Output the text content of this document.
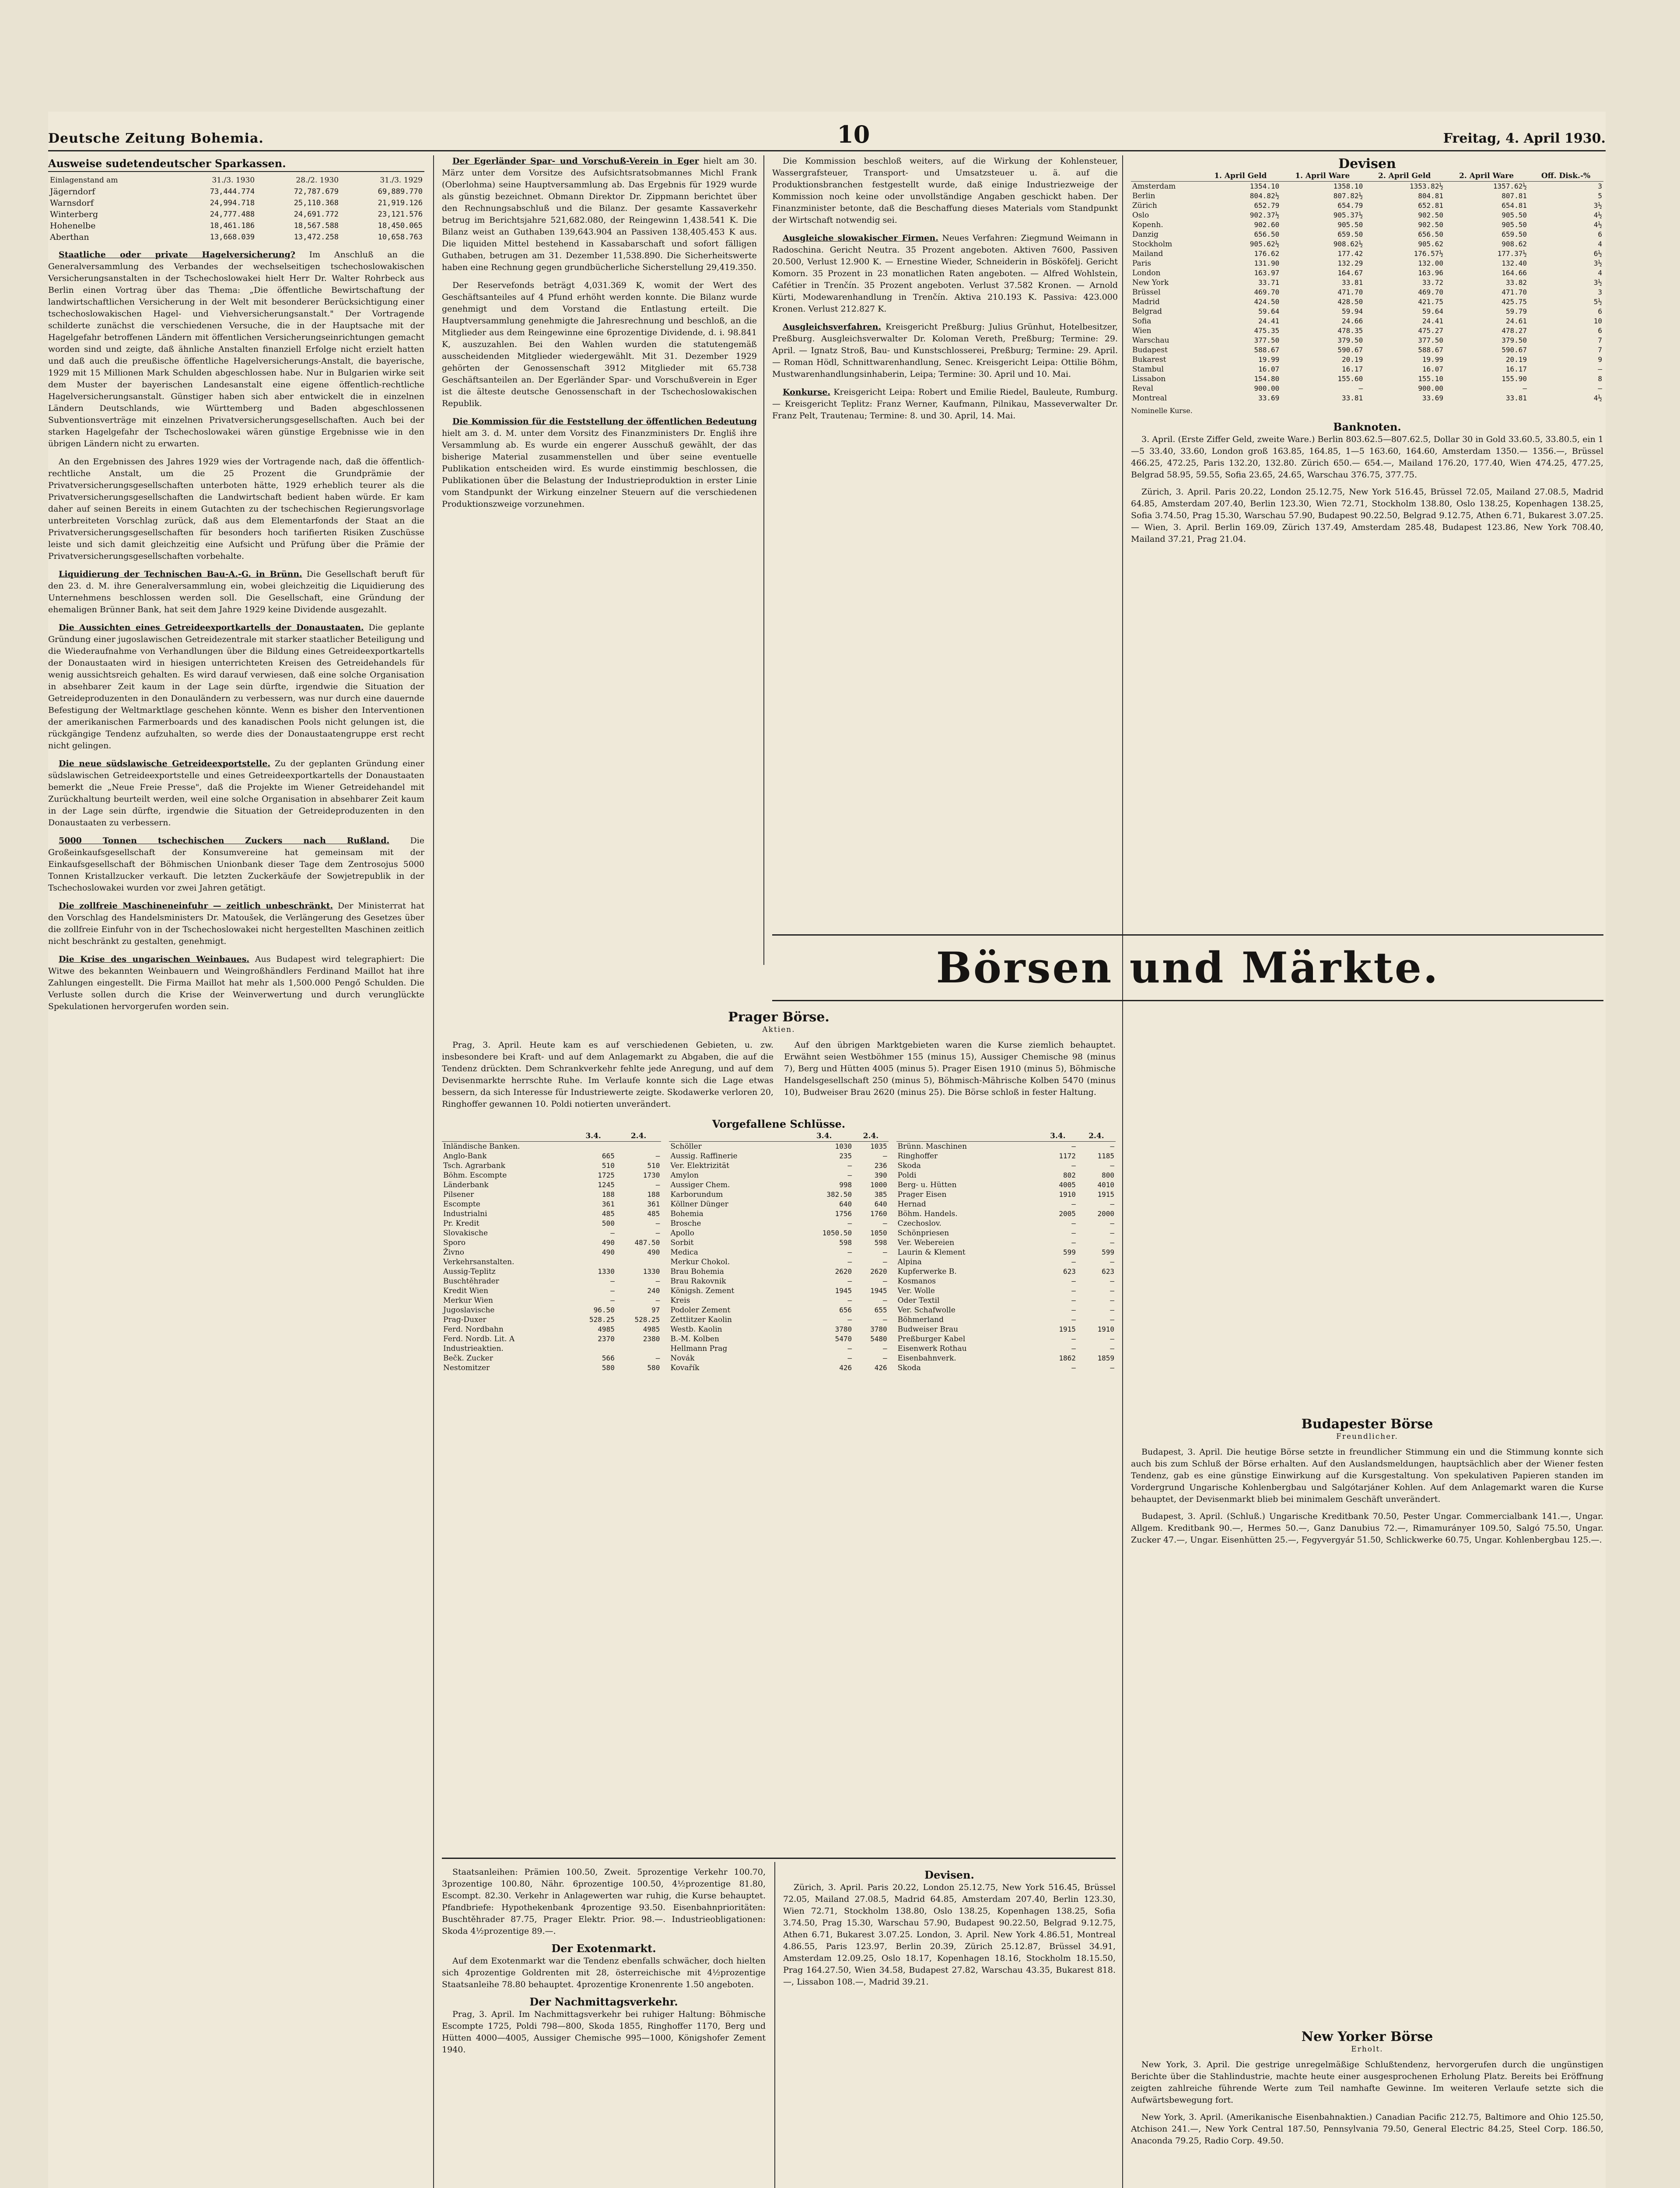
Deutsche Zeitung Bohemia.	10	Freitag, 4. April 1930.
Ausweise sudetendeutscher Sparkassen.
Einlagenstand am	31./3. 1930	28./2. 1930	31./3. 1929
Jägerndorf	73,444.774	72,787.679	69,889.770
Warnsdorf	24,994.718	25,110.368	21,919.126
Winterberg	24,777.488	24,691.772	23,121.576
Hohenelbe	18,461.186	18,567.588	18,450.065
Aberthan	13,668.039	13,472.258	10,658.763

Staatliche oder private Hagelversicherung? Im Anschluß an die Generalversammlung des Verbandes der wechselseitigen tschechoslowakischen Versicherungsanstalten in der Tschechoslowakei hielt Herr Dr. Walter Rohrbeck aus Berlin einen Vortrag über das Thema: „Die öffentliche Bewirtschaftung der landwirtschaftlichen Versicherung in der Welt mit besonderer Berücksichtigung einer tschechoslowakischen Hagel- und Viehversicherungsanstalt." Der Vortragende schilderte zunächst die verschiedenen Versuche, die in der Hauptsache mit der Hagelgefahr betroffenen Ländern mit öffentlichen Versicherungseinrichtungen gemacht worden sind und zeigte, daß ähnliche Anstalten finanziell Erfolge nicht erzielt hatten und daß auch die preußische öffentliche Hagelversicherungs-Anstalt, die bayerische, 1929 mit 15 Millionen Mark Schulden abgeschlossen habe. Nur in Bulgarien wirke seit dem Muster der bayerischen Landesanstalt eine eigene öffentlich-rechtliche Hagelversicherungsanstalt. Günstiger haben sich aber entwickelt die in einzelnen Ländern Deutschlands, wie Württemberg und Baden abgeschlossenen Subventionsverträge mit einzelnen Privatversicherungsgesellschaften. Auch bei der starken Hagelgefahr der Tschechoslowakei wären günstige Ergebnisse wie in den übrigen Ländern nicht zu erwarten.

An den Ergebnissen des Jahres 1929 wies der Vortragende nach, daß die öffentlich-rechtliche Anstalt, um die 25 Prozent die Grundprämie der Privatversicherungsgesellschaften unterboten hätte, 1929 erheblich teurer als die Privatversicherungsgesellschaften die Landwirtschaft bedient haben würde. Er kam daher auf seinen Bereits in einem Gutachten zu der tschechischen Regierungsvorlage unterbreiteten Vorschlag zurück, daß aus dem Elementarfonds der Staat an die Privatversicherungsgesellschaften für besonders hoch tarifierten Risiken Zuschüsse leiste und sich damit gleichzeitig eine Aufsicht und Prüfung über die Prämie der Privatversicherungsgesellschaften vorbehalte.

Liquidierung der Technischen Bau-A.-G. in Brünn. Die Gesellschaft beruft für den 23. d. M. ihre Generalversammlung ein, wobei gleichzeitig die Liquidierung des Unternehmens beschlossen werden soll. Die Gesellschaft, eine Gründung der ehemaligen Brünner Bank, hat seit dem Jahre 1929 keine Dividende ausgezahlt.

Die Aussichten eines Getreideexportkartells der Donaustaaten. Die geplante Gründung einer jugoslawischen Getreidezentrale mit starker staatlicher Beteiligung und die Wiederaufnahme von Verhandlungen über die Bildung eines Getreideexportkartells der Donaustaaten wird in hiesigen unterrichteten Kreisen des Getreidehandels für wenig aussichtsreich gehalten. Es wird darauf verwiesen, daß eine solche Organisation in absehbarer Zeit kaum in der Lage sein dürfte, irgendwie die Situation der Getreideproduzenten in den Donauländern zu verbessern, was nur durch eine dauernde Befestigung der Weltmarktlage geschehen könnte. Wenn es bisher den Interventionen der amerikanischen Farmerboards und des kanadischen Pools nicht gelungen ist, die rückgängige Tendenz aufzuhalten, so werde dies der Donaustaatengruppe erst recht nicht gelingen.

Die neue südslawische Getreideexportstelle. Zu der geplanten Gründung einer südslawischen Getreideexportstelle und eines Getreideexportkartells der Donaustaaten bemerkt die „Neue Freie Presse", daß die Projekte im Wiener Getreidehandel mit Zurückhaltung beurteilt werden, weil eine solche Organisation in absehbarer Zeit kaum in der Lage sein dürfte, irgendwie die Situation der Getreideproduzenten in den Donaustaaten zu verbessern.

5000 Tonnen tschechischen Zuckers nach Rußland. Die Großeinkaufsgesellschaft der Konsumvereine hat gemeinsam mit der Einkaufsgesellschaft der Böhmischen Unionbank dieser Tage dem Zentrosojus 5000 Tonnen Kristallzucker verkauft. Die letzten Zuckerkäufe der Sowjetrepublik in der Tschechoslowakei wurden vor zwei Jahren getätigt.

Die zollfreie Maschineneinfuhr — zeitlich unbeschränkt. Der Ministerrat hat den Vorschlag des Handelsministers Dr. Matoušek, die Verlängerung des Gesetzes über die zollfreie Einfuhr von in der Tschechoslowakei nicht hergestellten Maschinen zeitlich nicht beschränkt zu gestalten, genehmigt.

Die Krise des ungarischen Weinbaues. Aus Budapest wird telegraphiert: Die Witwe des bekannten Weinbauern und Weingroßhändlers Ferdinand Maillot hat ihre Zahlungen eingestellt. Die Firma Maillot hat mehr als 1,500.000 Pengő Schulden. Die Verluste sollen durch die Krise der Weinverwertung und durch verunglückte Spekulationen hervorgerufen worden sein.

Der Egerländer Spar- und Vorschuß-Verein in Eger hielt am 30. März unter dem Vorsitze des Aufsichtsratsobmannes Michl Frank (Oberlohma) seine Hauptversammlung ab. Das Ergebnis für 1929 wurde als günstig bezeichnet. Obmann Direktor Dr. Zippmann berichtet über den Rechnungsabschluß und die Bilanz. Der gesamte Kassaverkehr betrug im Berichtsjahre 521,682.080, der Reingewinn 1,438.541 K. Die Bilanz weist an Guthaben 139,643.904 an Passiven 138,405.453 K aus. Die liquiden Mittel bestehend in Kassabarschaft und sofort fälligen Guthaben, betrugen am 31. Dezember 11,538.890. Die Sicherheitswerte haben eine Rechnung gegen grundbücherliche Sicherstellung 29,419.350.

Der Reservefonds beträgt 4,031.369 K, womit der Wert des Geschäftsanteiles auf 4 Pfund erhöht werden konnte. Die Bilanz wurde genehmigt und dem Vorstand die Entlastung erteilt. Die Hauptversammlung genehmigte die Jahresrechnung und beschloß, an die Mitglieder aus dem Reingewinne eine 6prozentige Dividende, d. i. 98.841 K, auszuzahlen. Bei den Wahlen wurden die statutengemäß ausscheidenden Mitglieder wiedergewählt. Mit 31. Dezember 1929 gehörten der Genossenschaft 3912 Mitglieder mit 65.738 Geschäftsanteilen an. Der Egerländer Spar- und Vorschußverein in Eger ist die älteste deutsche Genossenschaft in der Tschechoslowakischen Republik.

Die Kommission für die Feststellung der öffentlichen Bedeutung hielt am 3. d. M. unter dem Vorsitz des Finanzministers Dr. Engliš ihre Versammlung ab. Es wurde ein engerer Ausschuß gewählt, der das bisherige Material zusammenstellen und über seine eventuelle Publikation entscheiden wird. Es wurde einstimmig beschlossen, die Publikationen über die Belastung der Industrieproduktion in erster Linie vom Standpunkt der Wirkung einzelner Steuern auf die verschiedenen Produktionszweige vorzunehmen.

Die Kommission beschloß weiters, auf die Wirkung der Kohlensteuer, Wassergrafsteuer, Transport- und Umsatzsteuer u. ä. auf die Produktionsbranchen festgestellt wurde, daß einige Industriezweige der Kommission noch keine oder unvollständige Angaben geschickt haben. Der Finanzminister betonte, daß die Beschaffung dieses Materials vom Standpunkt der Wirtschaft notwendig sei.

Ausgleiche slowakischer Firmen. Neues Verfahren: Ziegmund Weimann in Radoschina. Gericht Neutra. 35 Prozent angeboten. Aktiven 7600, Passiven 20.500, Verlust 12.900 K. — Ernestine Wieder, Schneiderin in Bösköfelj. Gericht Komorn. 35 Prozent in 23 monatlichen Raten angeboten. — Alfred Wohlstein, Cafétier in Trenčín. 35 Prozent angeboten. Verlust 37.582 Kronen. — Arnold Kürti, Modewarenhandlung in Trenčín. Aktiva 210.193 K. Passiva: 423.000 Kronen. Verlust 212.827 K.

Ausgleichsverfahren. Kreisgericht Preßburg: Julius Grünhut, Hotelbesitzer, Preßburg. Ausgleichsverwalter Dr. Koloman Vereth, Preßburg; Termine: 29. April. — Ignatz Stroß, Bau- und Kunstschlosserei, Preßburg; Termine: 29. April. — Roman Hödl, Schnittwarenhandlung, Senec. Kreisgericht Leipa: Ottilie Böhm, Mustwarenhandlungsinhaberin, Leipa; Termine: 30. April und 10. Mai.

Konkurse. Kreisgericht Leipa: Robert und Emilie Riedel, Bauleute, Rumburg. — Kreisgericht Teplitz: Franz Werner, Kaufmann, Pilnikau, Masseverwalter Dr. Franz Pelt, Trautenau; Termine: 8. und 30. April, 14. Mai.

Devisen
	1. April Geld	1. April Ware	2. April Geld	2. April Ware	Off. Disk.-%
Amsterdam	1354.10	1358.10	1353.82½	1357.62½	3
Berlin	804.82½	807.82½	804.81	807.81	5
Zürich	652.79	654.79	652.81	654.81	3½
Oslo	902.37½	905.37½	902.50	905.50	4½
Kopenh.	902.60	905.50	902.50	905.50	4½
Danzig	656.50	659.50	656.50	659.50	6
Stockholm	905.62½	908.62½	905.62	908.62	4
Mailand	176.62	177.42	176.57½	177.37½	6½
Paris	131.90	132.29	132.00	132.40	3½
London	163.97	164.67	163.96	164.66	4
New York	33.71	33.81	33.72	33.82	3½
Brüssel	469.70	471.70	469.70	471.70	3
Madrid	424.50	428.50	421.75	425.75	5½
Belgrad	59.64	59.94	59.64	59.79	6
Sofia	24.41	24.66	24.41	24.61	10
Wien	475.35	478.35	475.27	478.27	6
Warschau	377.50	379.50	377.50	379.50	7
Budapest	588.67	590.67	588.67	590.67	7
Bukarest	19.99	20.19	19.99	20.19	9
Stambul	16.07	16.17	16.07	16.17	—
Lissabon	154.80	155.60	155.10	155.90	8
Reval	900.00	—	900.00	—	—
Montreal	33.69	33.81	33.69	33.81	4½
Nominelle Kurse.
Banknoten.

3. April. (Erste Ziffer Geld, zweite Ware.) Berlin 803.62.5—807.62.5, Dollar 30 in Gold 33.60.5, 33.80.5, ein 1—5 33.40, 33.60, London groß 163.85, 164.85, 1—5 163.60, 164.60, Amsterdam 1350.— 1356.—, Brüssel 466.25, 472.25, Paris 132.20, 132.80. Zürich 650.— 654.—, Mailand 176.20, 177.40, Wien 474.25, 477.25, Belgrad 58.95, 59.55, Sofia 23.65, 24.65, Warschau 376.75, 377.75.

Zürich, 3. April. Paris 20.22, London 25.12.75, New York 516.45, Brüssel 72.05, Mailand 27.08.5, Madrid 64.85, Amsterdam 207.40, Berlin 123.30, Wien 72.71, Stockholm 138.80, Oslo 138.25, Kopenhagen 138.25, Sofia 3.74.50, Prag 15.30, Warschau 57.90, Budapest 90.22.50, Belgrad 9.12.75, Athen 6.71, Bukarest 3.07.25. — Wien, 3. April. Berlin 169.09, Zürich 137.49, Amsterdam 285.48, Budapest 123.86, New York 708.40, Mailand 37.21, Prag 21.04.

Börsen und Märkte.
Prager Börse.
Aktien.

Prag, 3. April. Heute kam es auf verschiedenen Gebieten, u. zw. insbesondere bei Kraft- und auf dem Anlagemarkt zu Abgaben, die auf die Tendenz drückten. Dem Schrankverkehr fehlte jede Anregung, und auf dem Devisenmarkte herrschte Ruhe. Im Verlaufe konnte sich die Lage etwas bessern, da sich Interesse für Industriewerte zeigte. Skodawerke verloren 20, Ringhoffer gewannen 10. Poldi notierten unverändert.

Auf den übrigen Marktgebieten waren die Kurse ziemlich behauptet. Erwähnt seien Westböhmer 155 (minus 15), Aussiger Chemische 98 (minus 7), Berg und Hütten 4005 (minus 5). Prager Eisen 1910 (minus 5), Böhmische Handelsgesellschaft 250 (minus 5), Böhmisch-Mährische Kolben 5470 (minus 10), Budweiser Brau 2620 (minus 25). Die Börse schloß in fester Haltung.

Vorgefallene Schlüsse.
	3.4.	2.4.
Inländische Banken.		
Anglo-Bank	665	—
Tsch. Agrarbank	510	510
Böhm. Escompte	1725	1730
Länderbank	1245	—
Pilsener	188	188
Escompte	361	361
Industrialni	485	485
Pr. Kredit	500	—
Slovakische	—	—
Sporo	490	487.50
Živno	490	490
Verkehrsanstalten.		
Aussig-Teplitz	1330	1330
Buschtěhrader	—	—
Kredit Wien	—	240
Merkur Wien	—	—
Jugoslavische	96.50	97
Prag-Duxer	528.25	528.25
Ferd. Nordbahn	4985	4985
Ferd. Nordb. Lit. A	2370	2380
Industrieaktien.		
Bečk. Zucker	566	—
Nestomitzer	580	580
	3.4.	2.4.
Schöller	1030	1035
Aussig. Raffinerie	235	—
Ver. Elektrizität	—	236
Amylon	—	390
Aussiger Chem.	998	1000
Karborundum	382.50	385
Köllner Dünger	640	640
Bohemia	1756	1760
Brosche	—	—
Apollo	1050.50	1050
Sorbit	598	598
Medica	—	—
Merkur Chokol.	—	—
Brau Bohemia	2620	2620
Brau Rakovnik	—	—
Königsh. Zement	1945	1945
Kreis	—	—
Podoler Zement	656	655
Zettlitzer Kaolin	—	—
Westb. Kaolin	3780	3780
B.-M. Kolben	5470	5480
Hellmann Prag	—	—
Novák	—	—
Kovařík	426	426
	3.4.	2.4.
Brünn. Maschinen	—	—
Ringhoffer	1172	1185
Skoda	—	—
Poldi	802	800
Berg- u. Hütten	4005	4010
Prager Eisen	1910	1915
Hernad	—	—
Böhm. Handels.	2005	2000
Czechoslov.	—	—
Schönpriesen	—	—
Ver. Webereien	—	—
Laurin & Klement	599	599
Alpina	—	—
Kupferwerke B.	623	623
Kosmanos	—	—
Ver. Wolle	—	—
Oder Textil	—	—
Ver. Schafwolle	—	—
Böhmerland	—	—
Budweiser Brau	1915	1910
Preßburger Kabel	—	—
Eisenwerk Rothau	—	—
Eisenbahnverk.	1862	1859
Skoda	—	—

Staatsanleihen: Prämien 100.50, Zweit. 5prozentige Verkehr 100.70, 3prozentige 100.80, Nähr. 6prozentige 100.50, 4½prozentige 81.80, Escompt. 82.30. Verkehr in Anlagewerten war ruhig, die Kurse behauptet. Pfandbriefe: Hypothekenbank 4prozentige 93.50. Eisenbahnprioritäten: Buschtěhrader 87.75, Prager Elektr. Prior. 98.—. Industrieobligationen: Skoda 4½prozentige 89.—.

Der Exotenmarkt.

Auf dem Exotenmarkt war die Tendenz ebenfalls schwächer, doch hielten sich 4prozentige Goldrenten mit 28, österreichische mit 4½prozentige Staatsanleihe 78.80 behauptet. 4prozentige Kronenrente 1.50 angeboten.

Der Nachmittagsverkehr.

Prag, 3. April. Im Nachmittagsverkehr bei ruhiger Haltung: Böhmische Escompte 1725, Poldi 798—800, Skoda 1855, Ringhoffer 1170, Berg und Hütten 4000—4005, Aussiger Chemische 995—1000, Königshofer Zement 1940.

Devisen.

Zürich, 3. April. Paris 20.22, London 25.12.75, New York 516.45, Brüssel 72.05, Mailand 27.08.5, Madrid 64.85, Amsterdam 207.40, Berlin 123.30, Wien 72.71, Stockholm 138.80, Oslo 138.25, Kopenhagen 138.25, Sofia 3.74.50, Prag 15.30, Warschau 57.90, Budapest 90.22.50, Belgrad 9.12.75, Athen 6.71, Bukarest 3.07.25. London, 3. April. New York 4.86.51, Montreal 4.86.55, Paris 123.97, Berlin 20.39, Zürich 25.12.87, Brüssel 34.91, Amsterdam 12.09.25, Oslo 18.17, Kopenhagen 18.16, Stockholm 18.15.50, Prag 164.27.50, Wien 34.58, Budapest 27.82, Warschau 43.35, Bukarest 818.—, Lissabon 108.—, Madrid 39.21.

Budapester Börse
Freundlicher.

Budapest, 3. April. Die heutige Börse setzte in freundlicher Stimmung ein und die Stimmung konnte sich auch bis zum Schluß der Börse erhalten. Auf den Auslandsmeldungen, hauptsächlich aber der Wiener festen Tendenz, gab es eine günstige Einwirkung auf die Kursgestaltung. Von spekulativen Papieren standen im Vordergrund Ungarische Kohlenbergbau und Salgótarjáner Kohlen. Auf dem Anlagemarkt waren die Kurse behauptet, der Devisenmarkt blieb bei minimalem Geschäft unverändert.

Budapest, 3. April. (Schluß.) Ungarische Kreditbank 70.50, Pester Ungar. Commercialbank 141.—, Ungar. Allgem. Kreditbank 90.—, Hermes 50.—, Ganz Danubius 72.—, Rimamurányer 109.50, Salgó 75.50, Ungar. Zucker 47.—, Ungar. Eisenhütten 25.—, Fegyvergyár 51.50, Schlickwerke 60.75, Ungar. Kohlenbergbau 125.—.

New Yorker Börse
Erholt.

New York, 3. April. Die gestrige unregelmäßige Schlußtendenz, hervorgerufen durch die ungünstigen Berichte über die Stahlindustrie, machte heute einer ausgesprochenen Erholung Platz. Bereits bei Eröffnung zeigten zahlreiche führende Werte zum Teil namhafte Gewinne. Im weiteren Verlaufe setzte sich die Aufwärtsbewegung fort.

New York, 3. April. (Amerikanische Eisenbahnaktien.) Canadian Pacific 212.75, Baltimore and Ohio 125.50, Atchison 241.—, New York Central 187.50, Pennsylvania 79.50, General Electric 84.25, Steel Corp. 186.50, Anaconda 79.25, Radio Corp. 49.50.
